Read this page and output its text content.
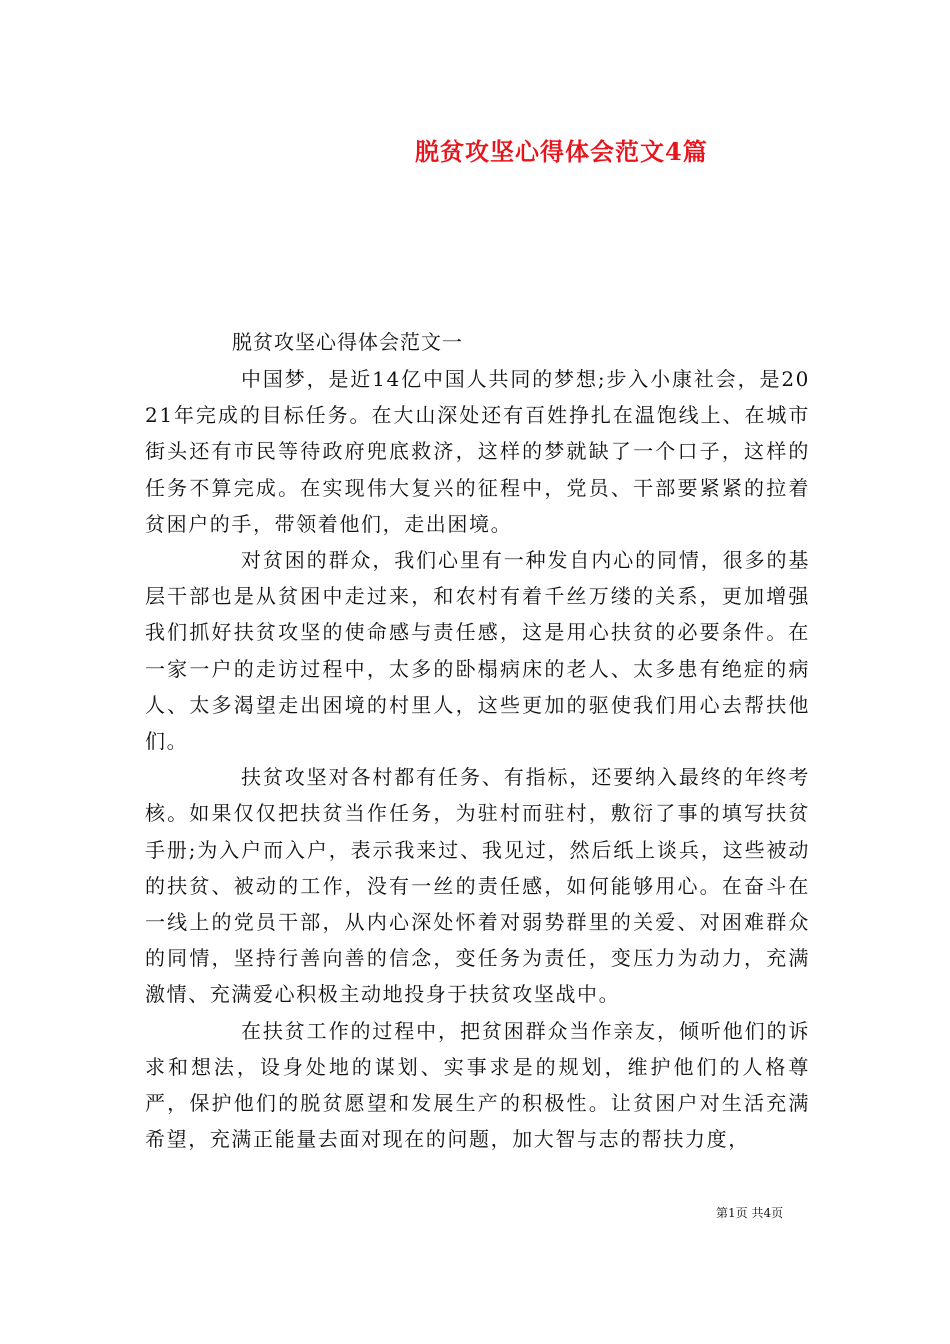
脱贫攻坚心得体会范文4篇
脱贫攻坚心得体会范文一

中国梦，是近14亿中国人共同的梦想;步入小康社会，是2021年完成的目标任务。在大山深处还有百姓挣扎在温饱线上、在城市街头还有市民等待政府兜底救济，这样的梦就缺了一个口子，这样的任务不算完成。在实现伟大复兴的征程中，党员、干部要紧紧的拉着贫困户的手，带领着他们，走出困境。

对贫困的群众，我们心里有一种发自内心的同情，很多的基层干部也是从贫困中走过来，和农村有着千丝万缕的关系，更加增强我们抓好扶贫攻坚的使命感与责任感，这是用心扶贫的必要条件。在一家一户的走访过程中，太多的卧榻病床的老人、太多患有绝症的病人、太多渴望走出困境的村里人，这些更加的驱使我们用心去帮扶他们。

扶贫攻坚对各村都有任务、有指标，还要纳入最终的年终考核。如果仅仅把扶贫当作任务，为驻村而驻村，敷衍了事的填写扶贫手册;为入户而入户，表示我来过、我见过，然后纸上谈兵，这些被动的扶贫、被动的工作，没有一丝的责任感，如何能够用心。在奋斗在一线上的党员干部，从内心深处怀着对弱势群里的关爱、对困难群众的同情，坚持行善向善的信念，变任务为责任，变压力为动力，充满激情、充满爱心积极主动地投身于扶贫攻坚战中。

在扶贫工作的过程中，把贫困群众当作亲友，倾听他们的诉求和想法，设身处地的谋划、实事求是的规划，维护他们的人格尊严，保护他们的脱贫愿望和发展生产的积极性。让贫困户对生活充满希望，充满正能量去面对现在的问题，加大智与志的帮扶力度，

第1页 共4页
